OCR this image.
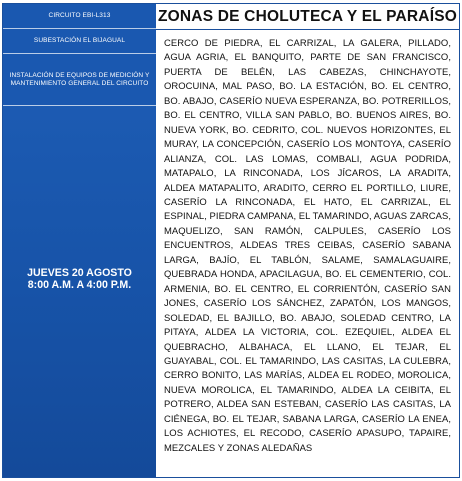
CIRCUITO EBI-L313
SUBESTACIÓN EL BIJAGUAL
INSTALACIÓN DE EQUIPOS DE MEDICIÓN Y MANTENIMIENTO GENERAL DEL CIRCUITO
JUEVES 20 AGOSTO
8:00 A.M. A 4:00 P.M.
ZONAS DE CHOLUTECA Y EL PARAÍSO
CERCO DE PIEDRA, EL CARRIZAL, LA GALERA, PILLADO, AGUA AGRIA, EL BANQUITO, PARTE DE SAN FRANCISCO, PUERTA DE BELÉN, LAS CABEZAS, CHINCHAYOTE, OROCUINA, MAL PASO, BO. LA ESTACIÓN, BO. EL CENTRO, BO. ABAJO, CASERÍO NUEVA ESPERANZA, BO. POTRERILLOS, BO. EL CENTRO, VILLA SAN PABLO, BO. BUENOS AIRES, BO. NUEVA YORK, BO. CEDRITO, COL. NUEVOS HORIZONTES, EL MURAY, LA CONCEPCIÓN, CASERÍO LOS MONTOYA, CASERÍO ALIANZA, COL. LAS LOMAS, COMBALI, AGUA PODRIDA, MATAPALO, LA RINCONADA, LOS JÍCAROS, LA ARADITA, ALDEA MATAPALITO, ARADITO, CERRO EL PORTILLO, LIURE, CASERÍO LA RINCONADA, EL HATO, EL CARRIZAL, EL ESPINAL, PIEDRA CAMPANA, EL TAMARINDO, AGUAS ZARCAS, MAQUELIZO, SAN RAMÓN, CALPULES, CASERÍO LOS ENCUENTROS, ALDEAS TRES CEIBAS, CASERÍO SABANA LARGA, BAJÍO, EL TABLÓN, SALAME, SAMALAGUAIRE, QUEBRADA HONDA, APACILAGUA, BO. EL CEMENTERIO, COL. ARMENIA, BO. EL CENTRO, EL CORRIENTÓN, CASERÍO SAN JONES, CASERÍO LOS SÁNCHEZ, ZAPATÓN, LOS MANGOS, SOLEDAD, EL BAJILLO, BO. ABAJO, SOLEDAD CENTRO, LA PITAYA, ALDEA LA VICTORIA, COL. EZEQUIEL, ALDEA EL QUEBRACHO, ALBAHACA, EL LLANO, EL TEJAR, EL GUAYABAL, COL. EL TAMARINDO, LAS CASITAS, LA CULEBRA, CERRO BONITO, LAS MARÍAS, ALDEA EL RODEO, MOROLICA, NUEVA MOROLICA, EL TAMARINDO, ALDEA LA CEIBITA, EL POTRERO, ALDEA SAN ESTEBAN, CASERÍO LAS CASITAS, LA CIÉNEGA, BO. EL TEJAR, SABANA LARGA, CASERÍO LA ENEA, LOS ACHIOTES, EL RECODO, CASERÍO APASUPO, TAPAIRE, MEZCALES Y ZONAS ALEDAÑAS
